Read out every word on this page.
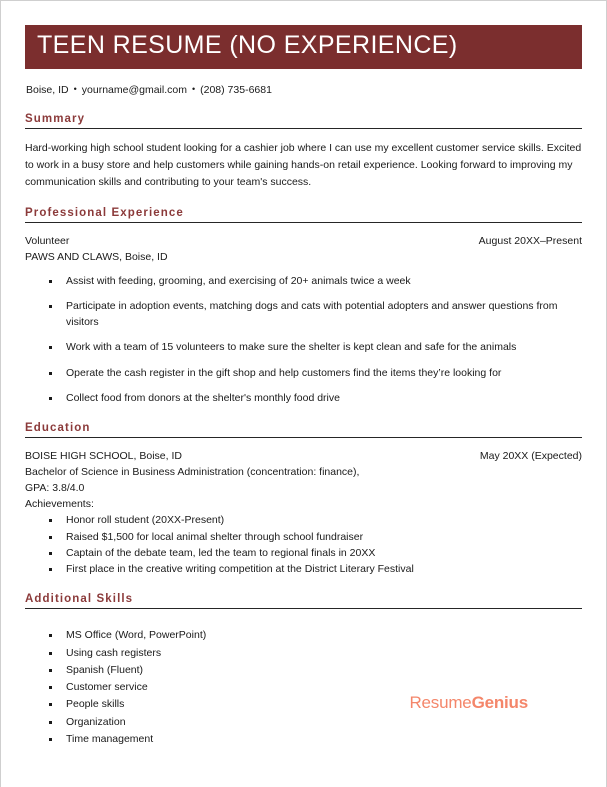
TEEN RESUME (NO EXPERIENCE)
Boise, ID • yourname@gmail.com • (208) 735-6681
Summary
Hard-working high school student looking for a cashier job where I can use my excellent customer service skills. Excited to work in a busy store and help customers while gaining hands-on retail experience. Looking forward to improving my communication skills and contributing to your team's success.
Professional Experience
Volunteer	August 20XX–Present
PAWS AND CLAWS, Boise, ID
Assist with feeding, grooming, and exercising of 20+ animals twice a week
Participate in adoption events, matching dogs and cats with potential adopters and answer questions from visitors
Work with a team of 15 volunteers to make sure the shelter is kept clean and safe for the animals
Operate the cash register in the gift shop and help customers find the items they’re looking for
Collect food from donors at the shelter's monthly food drive
Education
BOISE HIGH SCHOOL, Boise, ID	May 20XX (Expected)
Bachelor of Science in Business Administration (concentration: finance),
GPA: 3.8/4.0
Achievements:
Honor roll student (20XX-Present)
Raised $1,500 for local animal shelter through school fundraiser
Captain of the debate team, led the team to regional finals in 20XX
First place in the creative writing competition at the District Literary Festival
Additional Skills
MS Office (Word, PowerPoint)
Using cash registers
Spanish (Fluent)
Customer service
People skills
Organization
Time management
ResumeGenius
